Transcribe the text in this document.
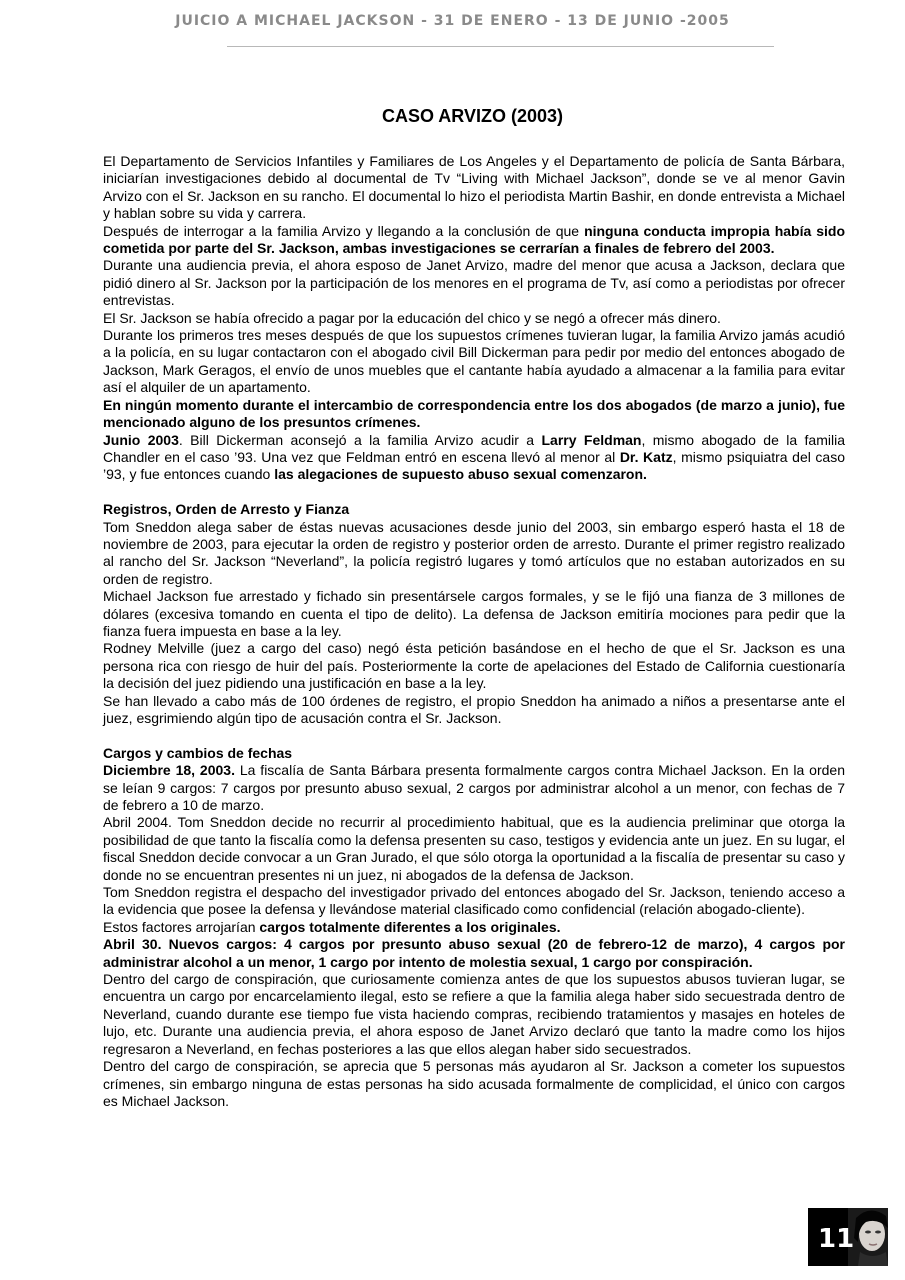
JUICIO A MICHAEL JACKSON - 31 DE ENERO - 13 DE JUNIO -2005
CASO ARVIZO (2003)

El Departamento de Servicios Infantiles y Familiares de Los Angeles y el Departamento de policía de Santa Bárbara, iniciarían investigaciones debido al documental de Tv “Living with Michael Jackson”, donde se ve al menor Gavin Arvizo con el Sr. Jackson en su rancho. El documental lo hizo el periodista Martin Bashir, en donde entrevista a Michael y hablan sobre su vida y carrera.

Después de interrogar a la familia Arvizo y llegando a la conclusión de que ninguna conducta impropia había sido cometida por parte del Sr. Jackson, ambas investigaciones se cerrarían a finales de febrero del 2003.

Durante una audiencia previa, el ahora esposo de Janet Arvizo, madre del menor que acusa a Jackson, declara que pidió dinero al Sr. Jackson por la participación de los menores en el programa de Tv, así como a periodistas por ofrecer entrevistas.

El Sr. Jackson se había ofrecido a pagar por la educación del chico y se negó a ofrecer más dinero.

Durante los primeros tres meses después de que los supuestos crímenes tuvieran lugar, la familia Arvizo jamás acudió a la policía, en su lugar contactaron con el abogado civil Bill Dickerman para pedir por medio del entonces abogado de Jackson, Mark Geragos, el envío de unos muebles que el cantante había ayudado a almacenar a la familia para evitar así el alquiler de un apartamento.

En ningún momento durante el intercambio de correspondencia entre los dos abogados (de marzo a junio), fue mencionado alguno de los presuntos crímenes.

Junio 2003. Bill Dickerman aconsejó a la familia Arvizo acudir a Larry Feldman, mismo abogado de la familia Chandler en el caso ’93. Una vez que Feldman entró en escena llevó al menor al Dr. Katz, mismo psiquiatra del caso ’93, y fue entonces cuando las alegaciones de supuesto abuso sexual comenzaron.

Registros, Orden de Arresto y Fianza

Tom Sneddon alega saber de éstas nuevas acusaciones desde junio del 2003, sin embargo esperó hasta el 18 de noviembre de 2003, para ejecutar la orden de registro y posterior orden de arresto. Durante el primer registro realizado al rancho del Sr. Jackson “Neverland”, la policía registró lugares y tomó artículos que no estaban autorizados en su orden de registro.

Michael Jackson fue arrestado y fichado sin presentársele cargos formales, y se le fijó una fianza de 3 millones de dólares (excesiva tomando en cuenta el tipo de delito). La defensa de Jackson emitiría mociones para pedir que la fianza fuera impuesta en base a la ley.

Rodney Melville (juez a cargo del caso) negó ésta petición basándose en el hecho de que el Sr. Jackson es una persona rica con riesgo de huir del país. Posteriormente la corte de apelaciones del Estado de California cuestionaría la decisión del juez pidiendo una justificación en base a la ley.

Se han llevado a cabo más de 100 órdenes de registro, el propio Sneddon ha animado a niños a presentarse ante el juez, esgrimiendo algún tipo de acusación contra el Sr. Jackson.

Cargos y cambios de fechas

Diciembre 18, 2003. La fiscalía de Santa Bárbara presenta formalmente cargos contra Michael Jackson. En la orden se leían 9 cargos: 7 cargos por presunto abuso sexual, 2 cargos por administrar alcohol a un menor, con fechas de 7 de febrero a 10 de marzo.

Abril 2004. Tom Sneddon decide no recurrir al procedimiento habitual, que es la audiencia preliminar que otorga la posibilidad de que tanto la fiscalía como la defensa presenten su caso, testigos y evidencia ante un juez. En su lugar, el fiscal Sneddon decide convocar a un Gran Jurado, el que sólo otorga la oportunidad a la fiscalía de presentar su caso y donde no se encuentran presentes ni un juez, ni abogados de la defensa de Jackson.

Tom Sneddon registra el despacho del investigador privado del entonces abogado del Sr. Jackson, teniendo acceso a la evidencia que posee la defensa y llevándose material clasificado como confidencial (relación abogado-cliente).

Estos factores arrojarían cargos totalmente diferentes a los originales.

Abril 30. Nuevos cargos: 4 cargos por presunto abuso sexual (20 de febrero-12 de marzo), 4 cargos por administrar alcohol a un menor, 1 cargo por intento de molestia sexual, 1 cargo por conspiración.

Dentro del cargo de conspiración, que curiosamente comienza antes de que los supuestos abusos tuvieran lugar, se encuentra un cargo por encarcelamiento ilegal, esto se refiere a que la familia alega haber sido secuestrada dentro de Neverland, cuando durante ese tiempo fue vista haciendo compras, recibiendo tratamientos y masajes en hoteles de lujo, etc. Durante una audiencia previa, el ahora esposo de Janet Arvizo declaró que tanto la madre como los hijos regresaron a Neverland, en fechas posteriores a las que ellos alegan haber sido secuestrados.

Dentro del cargo de conspiración, se aprecia que 5 personas más ayudaron al Sr. Jackson a cometer los supuestos crímenes, sin embargo ninguna de estas personas ha sido acusada formalmente de complicidad, el único con cargos es Michael Jackson.

11
